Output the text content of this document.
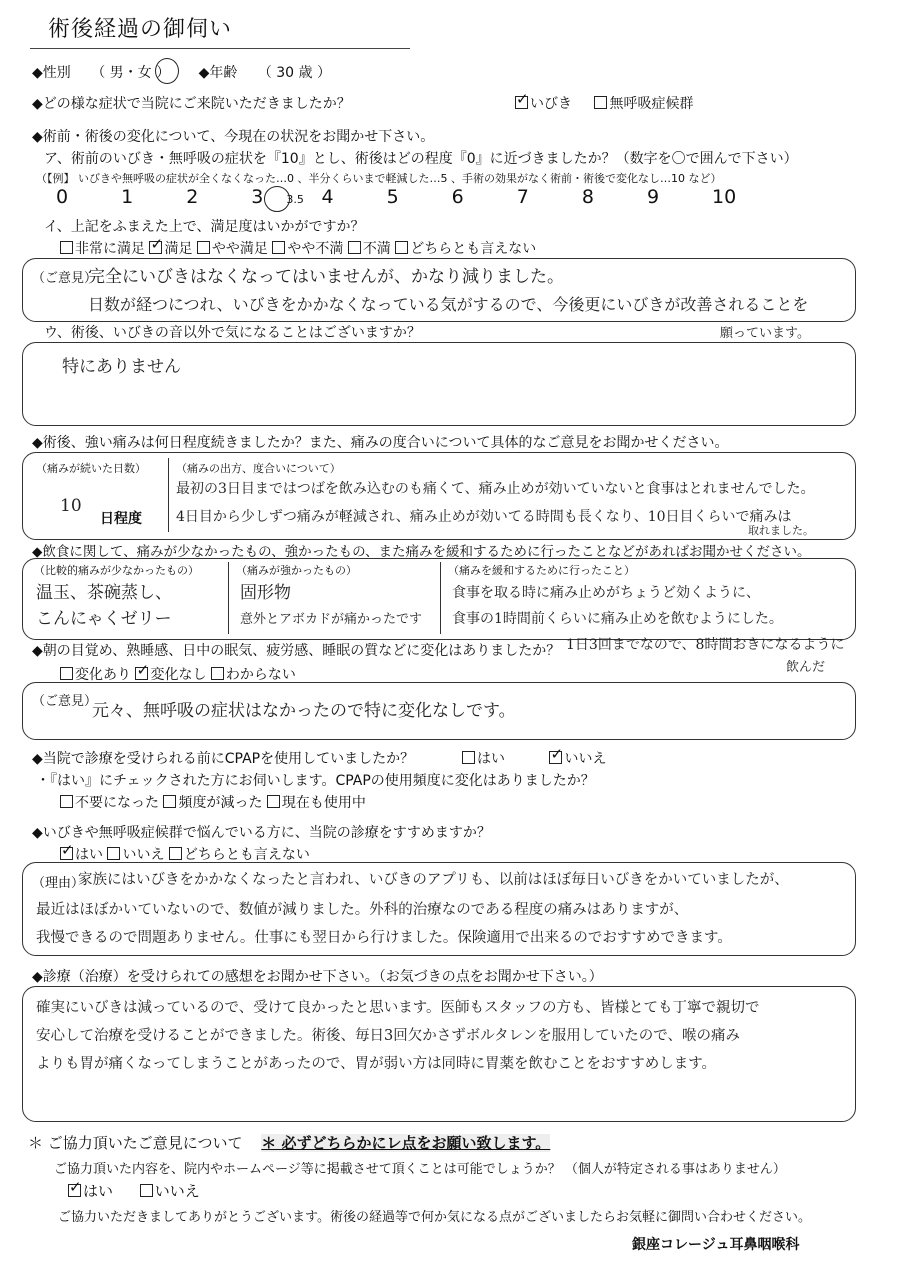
術後経過の御伺い
◆性別 （ 男・女 ） ◆年齢 （ 30 歳 ）
◆どの様な症状で当院にご来院いただきましたか？ ✓	いびき	無呼吸症候群
◆術前・術後の変化について、今現在の状況をお聞かせ下さい。
ア、術前のいびき・無呼吸の症状を『10』とし、術後はどの程度『0』に近づきましたか？（数字を〇で囲んで下さい）
（【例】 いびきや無呼吸の症状が全くなくなった…0 、半分くらいまで軽減した…5 、手術の効果がなく術前・術後で変化なし…10 など）
0	1	2	3 3.5 4	5	6	7	8	9	10
イ、上記をふまえた上で、満足度はいかがですか？
非常に満足 ✓ 満足 やや満足 やや不満 不満 どちらとも言えない
（ご意見）
完全にいびきはなくなってはいませんが、かなり減りました。
日数が経つにつれ、いびきをかかなくなっている気がするので、今後更にいびきが改善されることを
願っています。
ウ、術後、いびきの音以外で気になることはございますか？
特にありません
◆術後、強い痛みは何日程度続きましたか？また、痛みの度合いについて具体的なご意見をお聞かせください。
（痛みが続いた日数）
10
日程度
（痛みの出方、度合いについて）
最初の3日目まではつばを飲み込むのも痛くて、痛み止めが効いていないと食事はとれませんでした。
4日目から少しずつ痛みが軽減され、痛み止めが効いてる時間も長くなり、10日目くらいで痛みは
取れました。
◆飲食に関して、痛みが少なかったもの、強かったもの、また痛みを緩和するために行ったことなどがあればお聞かせください。
（比較的痛みが少なかったもの）
温玉、茶碗蒸し、
こんにゃくゼリー
（痛みが強かったもの）
固形物
意外とアボカドが痛かったです
（痛みを緩和するために行ったこと）
食事を取る時に痛み止めがちょうど効くように、
食事の1時間前くらいに痛み止めを飲むようにした。
◆朝の目覚め、熟睡感、日中の眠気、疲労感、睡眠の質などに変化はありましたか？ 1日3回までなので、8時間おきになるように
飲んだ
変化あり ✓ 変化なし わからない
（ご意見）
元々、無呼吸の症状はなかったので特に変化なしです。
◆当院で診療を受けられる前にCPAPを使用していましたか？	はい ✓	いいえ
・『はい』にチェックされた方にお伺いします。CPAPの使用頻度に変化はありましたか？
不要になった 頻度が減った 現在も使用中
◆いびきや無呼吸症候群で悩んでいる方に、当院の診療をすすめますか？
✓はい いいえ どちらとも言えない
（理由）
家族にはいびきをかかなくなったと言われ、いびきのアプリも、以前はほぼ毎日いびきをかいていましたが、
最近はほぼかいていないので、数値が減りました。外科的治療なのである程度の痛みはありますが、
我慢できるので問題ありません。仕事にも翌日から行けました。保険適用で出来るのでおすすめできます。
◆診療（治療）を受けられての感想をお聞かせ下さい。（お気づきの点をお聞かせ下さい。）
確実にいびきは減っているので、受けて良かったと思います。医師もスタッフの方も、皆様とても丁寧で親切で
安心して治療を受けることができました。術後、毎日3回欠かさずボルタレンを服用していたので、喉の痛み
よりも胃が痛くなってしまうことがあったので、胃が弱い方は同時に胃薬を飲むことをおすすめします。
＊ ご協力頂いたご意見について ＊ 必ずどちらかにレ点をお願い致します。
ご協力頂いた内容を、院内やホームページ等に掲載させて頂くことは可能でしょうか？ （個人が特定される事はありません）
✓はい	いいえ
ご協力いただきましてありがとうございます。術後の経過等で何か気になる点がございましたらお気軽に御問い合わせください。
銀座コレージュ耳鼻咽喉科
